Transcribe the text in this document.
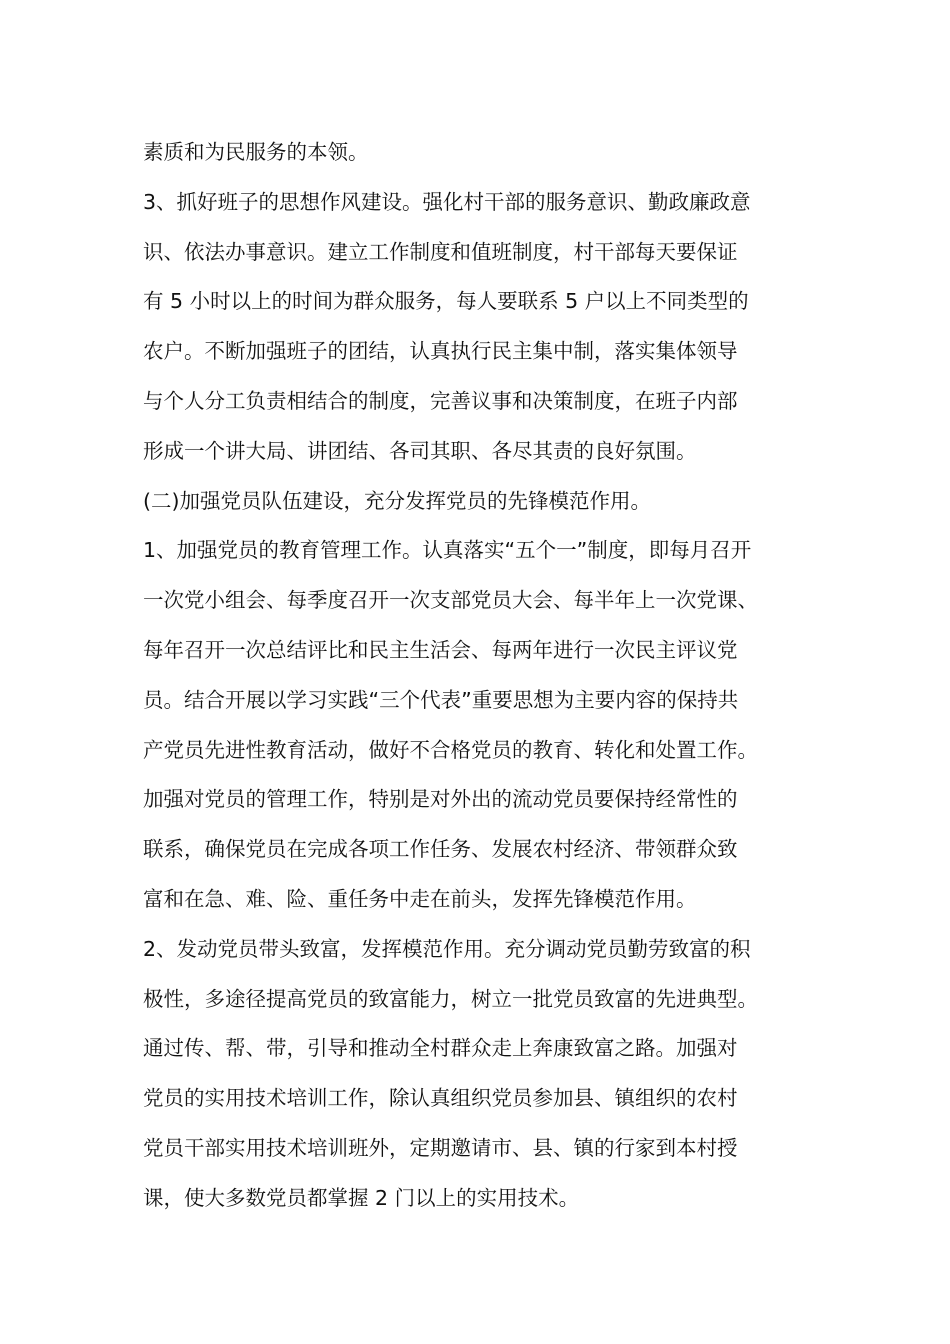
素质和为民服务的本领。
3、抓好班子的思想作风建设。强化村干部的服务意识、勤政廉政意
识、依法办事意识。建立工作制度和值班制度，村干部每天要保证
有 5 小时以上的时间为群众服务，每人要联系 5 户以上不同类型的
农户。不断加强班子的团结，认真执行民主集中制，落实集体领导
与个人分工负责相结合的制度，完善议事和决策制度，在班子内部
形成一个讲大局、讲团结、各司其职、各尽其责的良好氛围。
(二)加强党员队伍建设，充分发挥党员的先锋模范作用。
1、加强党员的教育管理工作。认真落实“五个一”制度，即每月召开
一次党小组会、每季度召开一次支部党员大会、每半年上一次党课、
每年召开一次总结评比和民主生活会、每两年进行一次民主评议党
员。结合开展以学习实践“三个代表”重要思想为主要内容的保持共
产党员先进性教育活动，做好不合格党员的教育、转化和处置工作。
加强对党员的管理工作，特别是对外出的流动党员要保持经常性的
联系，确保党员在完成各项工作任务、发展农村经济、带领群众致
富和在急、难、险、重任务中走在前头，发挥先锋模范作用。
2、发动党员带头致富，发挥模范作用。充分调动党员勤劳致富的积
极性，多途径提高党员的致富能力，树立一批党员致富的先进典型。
通过传、帮、带，引导和推动全村群众走上奔康致富之路。加强对
党员的实用技术培训工作，除认真组织党员参加县、镇组织的农村
党员干部实用技术培训班外，定期邀请市、县、镇的行家到本村授
课，使大多数党员都掌握 2 门以上的实用技术。
